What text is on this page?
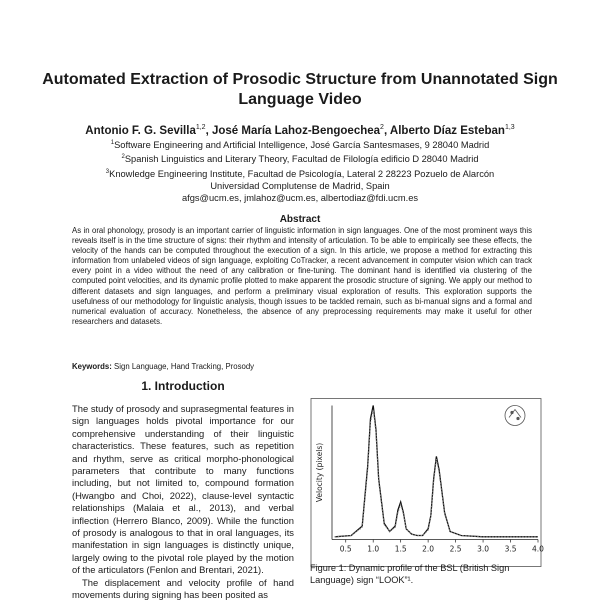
Automated Extraction of Prosodic Structure from Unannotated Sign
Language Video
Antonio F. G. Sevilla$^{1,2}$, José María Lahoz-Bengoechea$^2$, Alberto Díaz Esteban$^{1,3}$
$^1$Software Engineering and Artificial Intelligence, José García Santesmases, 9 28040 Madrid
$^2$Spanish Linguistics and Literary Theory, Facultad de Filología edificio D 28040 Madrid
$^3$Knowledge Engineering Institute, Facultad de Psicología, Lateral 2 28223 Pozuelo de Alarcón
Universidad Complutense de Madrid, Spain
afgs@ucm.es, jmlahoz@ucm.es, albertodiaz@fdi.ucm.es
Abstract
As in oral phonology, prosody is an important carrier of linguistic information in sign languages. One of the most prominent ways this reveals itself is in the time structure of signs: their rhythm and intensity of articulation. To be able to empirically see these effects, the velocity of the hands can be computed throughout the execution of a sign. In this article, we propose a method for extracting this information from unlabeled videos of sign language, exploiting CoTracker, a recent advancement in computer vision which can track every point in a video without the need of any calibration or fine-tuning. The dominant hand is identified via clustering of the computed point velocities, and its dynamic profile plotted to make apparent the prosodic structure of signing. We apply our method to different datasets and sign languages, and perform a preliminary visual exploration of results. This exploration supports the usefulness of our methodology for linguistic analysis, though issues to be tackled remain, such as bi-manual signs and a formal and numerical evaluation of accuracy. Nonetheless, the absence of any preprocessing requirements may make it useful for other researchers and datasets.
Keywords: Sign Language, Hand Tracking, Prosody
1. Introduction

The study of prosody and suprasegmental features in sign languages holds pivotal importance for our comprehensive understanding of their linguistic characteristics. These features, such as repetition and rhythm, serve as critical morpho-phonological parameters that contribute to many functions including, but not limited to, compound formation (Hwangbo and Choi, 2022), clause-level syntactic relationships (Malaia et al., 2013), and verbal inflection (Herrero Blanco, 2009). While the function of prosody is analogous to that in oral languages, its manifestation in sign languages is distinctly unique, largely owing to the pivotal role played by the motion of the articulators (Fenlon and Brentari, 2021).

The displacement and velocity profile of hand movements during signing has been posited as

0.5 1.0 1.5 2.0 2.5 3.0 3.5 4.0
Velocity (pixels)
Figure 1: Dynamic profile of the BSL (British Sign Language) sign “LOOK”¹.
